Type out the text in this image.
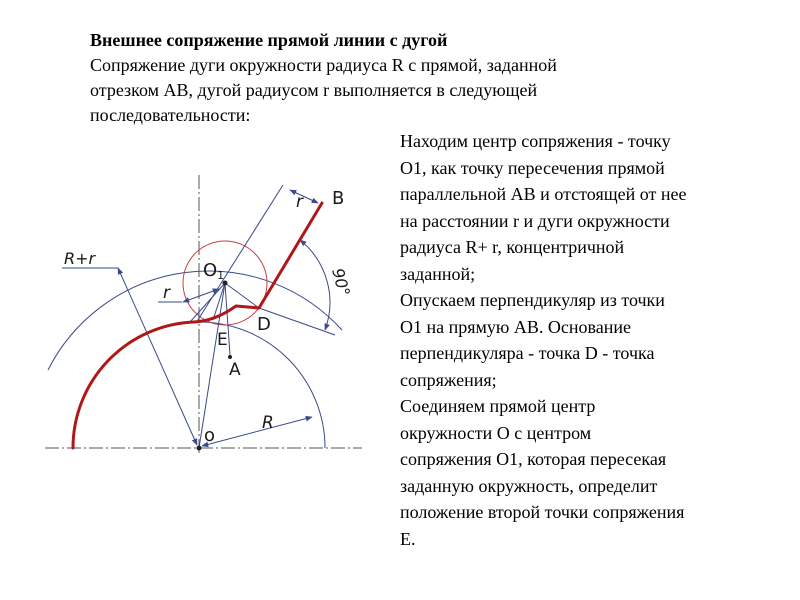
Внешнее сопряжение прямой линии с дугой
Сопряжение дуги окружности радиуса R с прямой, заданной
отрезком АВ, дугой радиусом r выполняется в следующей
последовательности:
Находим центр сопряжения - точку
О1, как точку пересечения прямой
параллельной АВ и отстоящей от нее
на расстоянии r и дуги окружности
радиуса R+ r, концентричной
заданной;
Опускаем перпендикуляр из точки
О1 на прямую АВ. Основание
перпендикуляра - точка D - точка
сопряжения;
Соединяем прямой центр
окружности О с центром
сопряжения О1, которая пересекая
заданную окружность, определит
положение второй точки сопряжения
Е.
B
A
D
E
o
O1
R
r
r
R+r
90°
